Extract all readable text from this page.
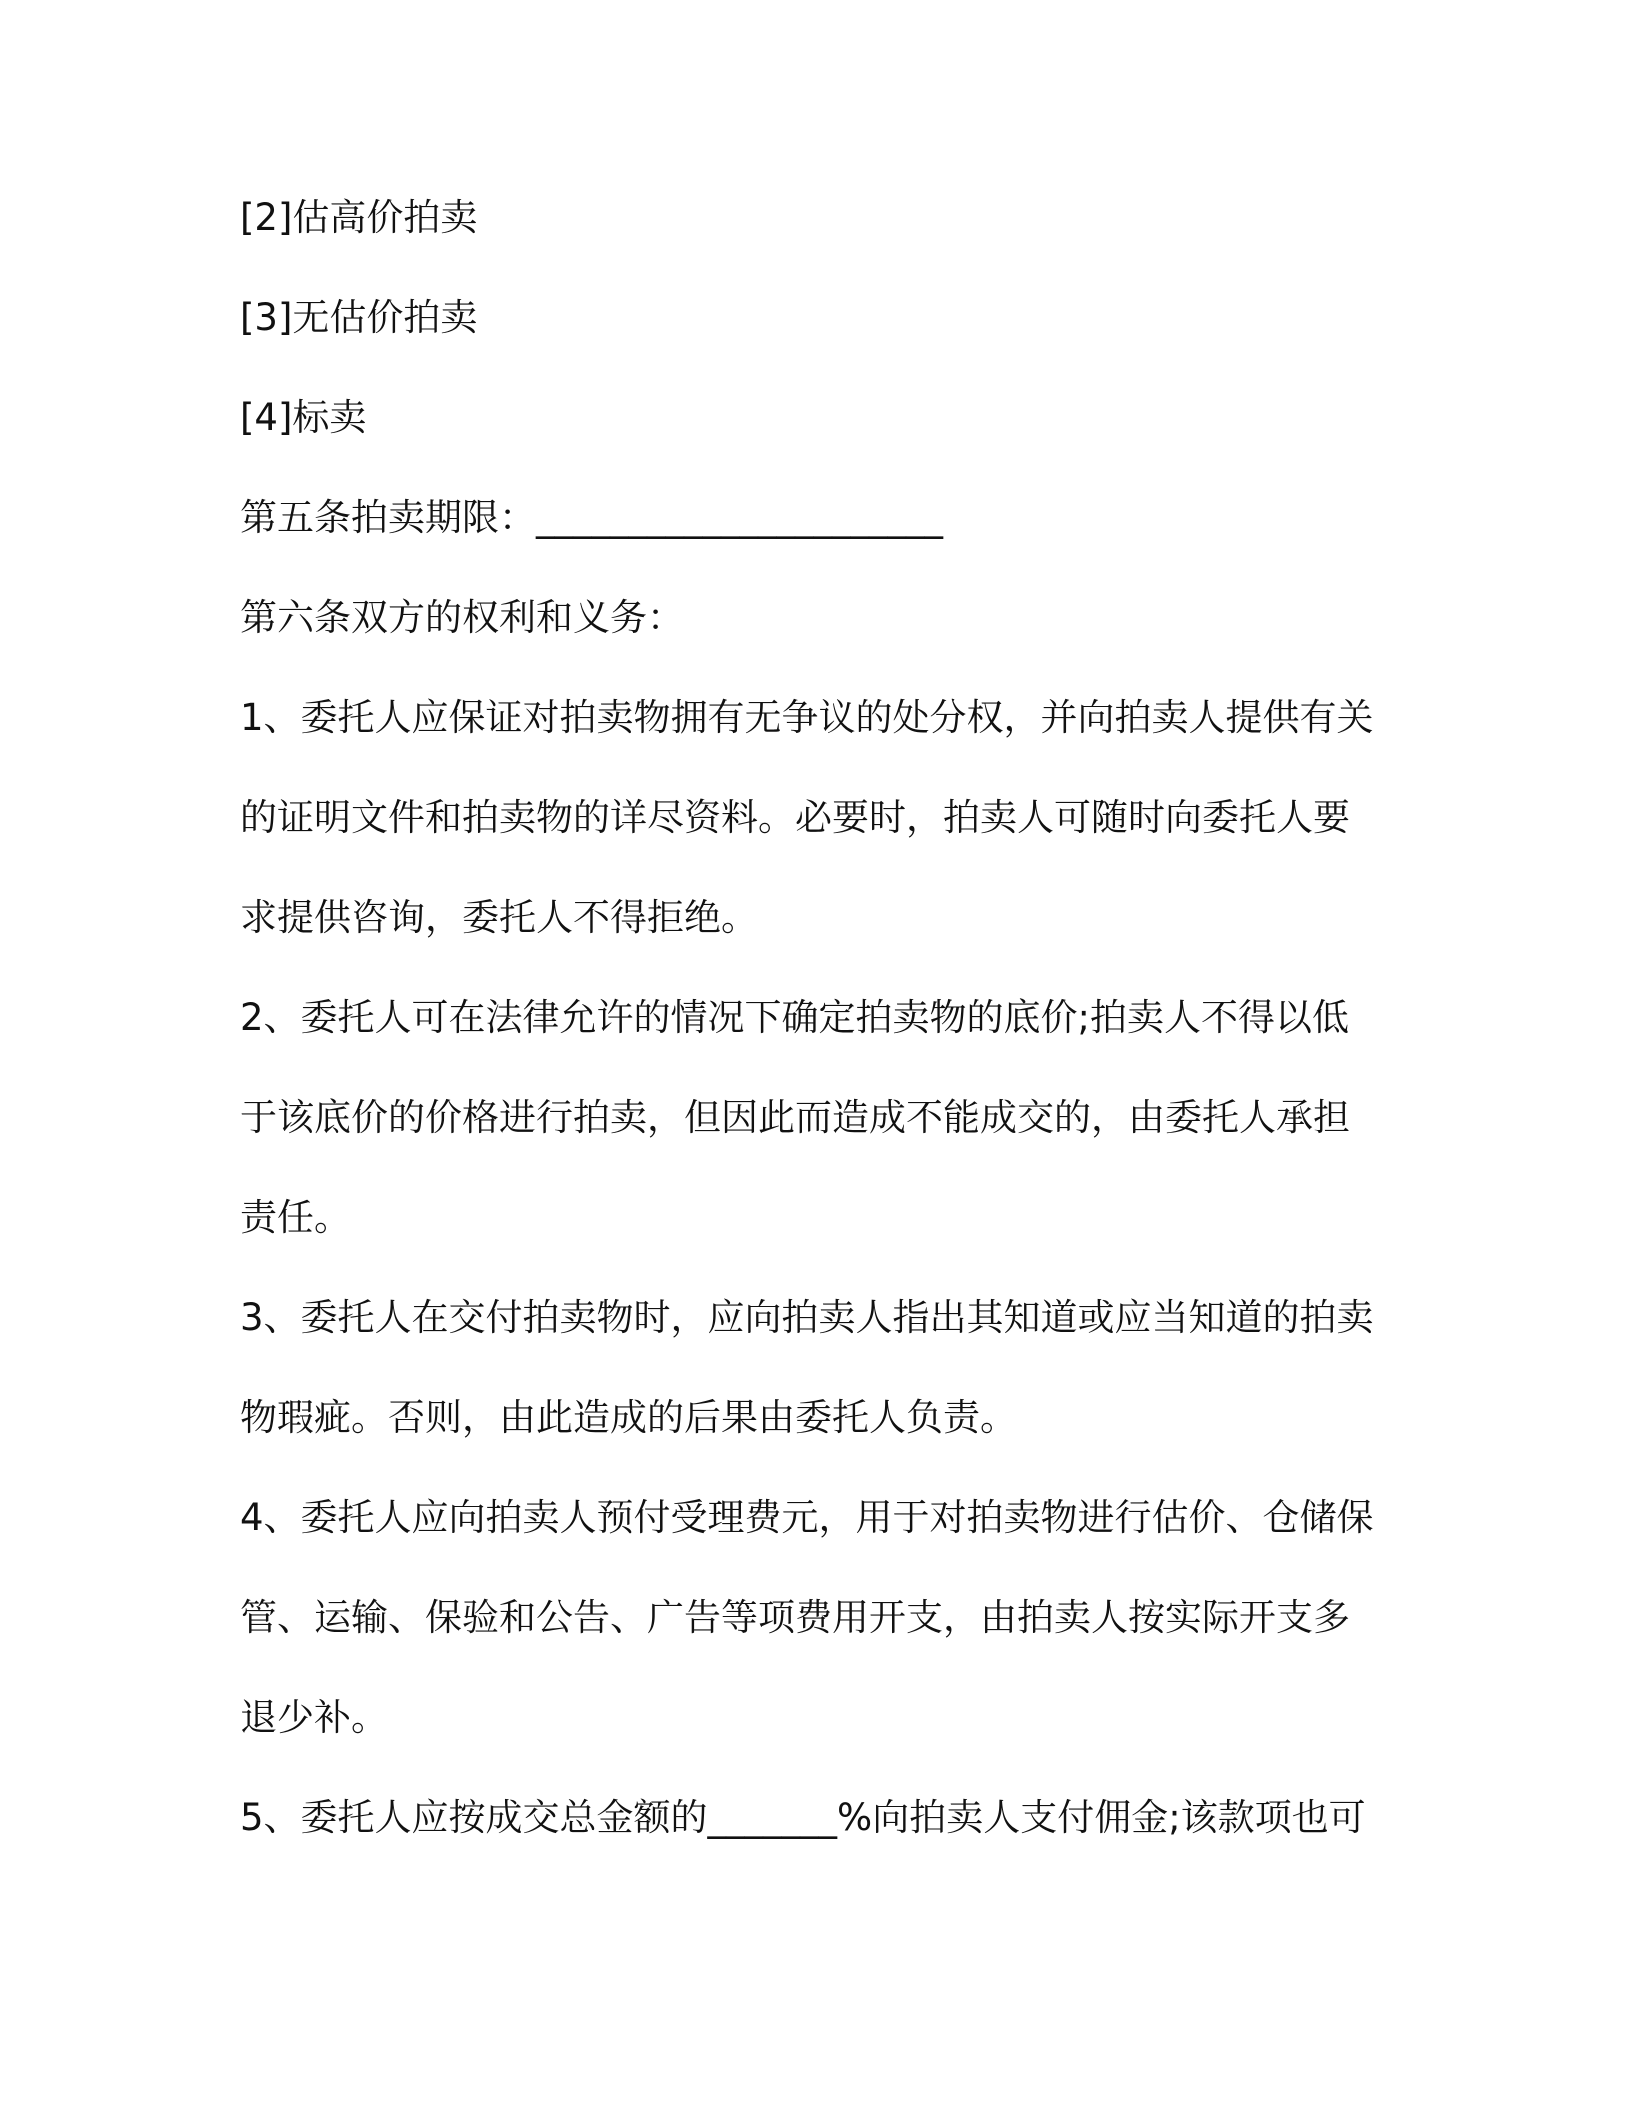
[2]估高价拍卖
[3]无估价拍卖
[4]标卖
第五条拍卖期限：______________________
第六条双方的权利和义务：
1、委托人应保证对拍卖物拥有无争议的处分权，并向拍卖人提供有关
的证明文件和拍卖物的详尽资料。必要时，拍卖人可随时向委托人要
求提供咨询，委托人不得拒绝。
2、委托人可在法律允许的情况下确定拍卖物的底价;拍卖人不得以低
于该底价的价格进行拍卖，但因此而造成不能成交的，由委托人承担
责任。
3、委托人在交付拍卖物时，应向拍卖人指出其知道或应当知道的拍卖
物瑕疵。否则，由此造成的后果由委托人负责。
4、委托人应向拍卖人预付受理费元，用于对拍卖物进行估价、仓储保
管、运输、保验和公告、广告等项费用开支，由拍卖人按实际开支多
退少补。
5、委托人应按成交总金额的_______%向拍卖人支付佣金;该款项也可
